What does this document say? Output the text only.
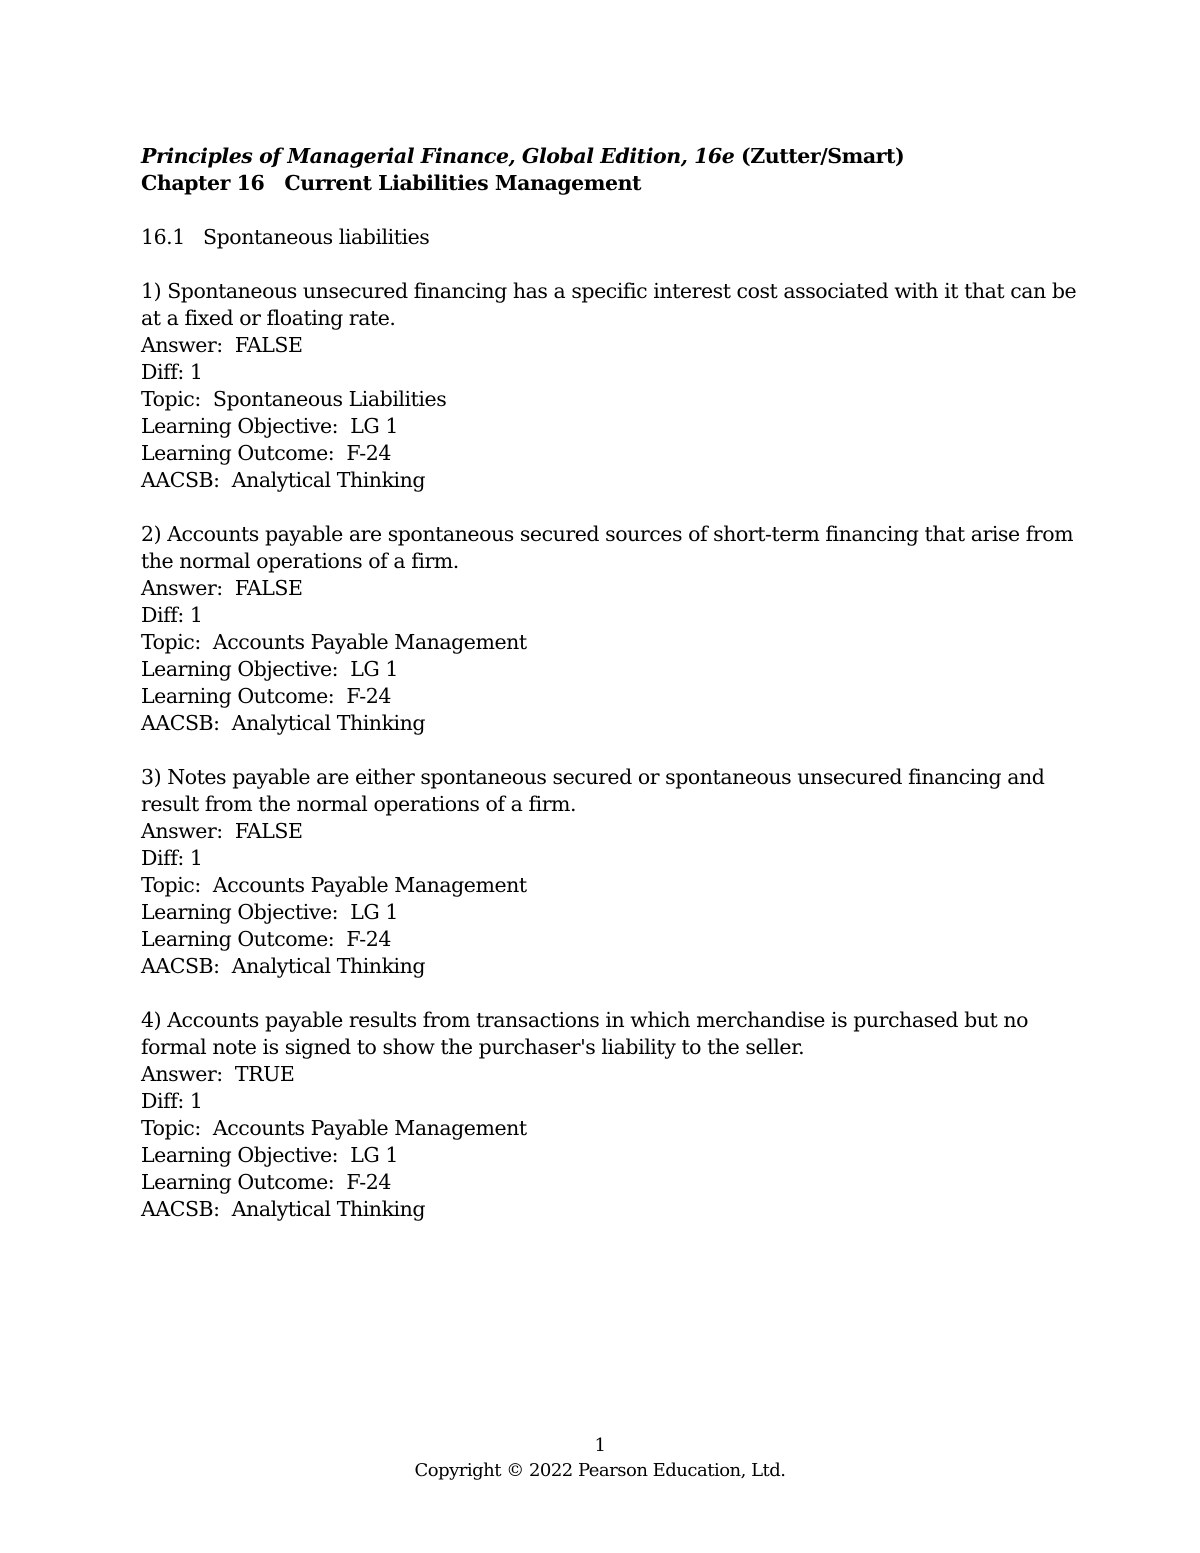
Principles of Managerial Finance, Global Edition, 16e (Zutter/Smart)
Chapter 16   Current Liabilities Management
16.1   Spontaneous liabilities
1) Spontaneous unsecured financing has a specific interest cost associated with it that can be at a fixed or floating rate.
Answer:  FALSE
Diff: 1
Topic:  Spontaneous Liabilities
Learning Objective:  LG 1
Learning Outcome:  F-24
AACSB:  Analytical Thinking
2) Accounts payable are spontaneous secured sources of short-term financing that arise from the normal operations of a firm.
Answer:  FALSE
Diff: 1
Topic:  Accounts Payable Management
Learning Objective:  LG 1
Learning Outcome:  F-24
AACSB:  Analytical Thinking
3) Notes payable are either spontaneous secured or spontaneous unsecured financing and result from the normal operations of a firm.
Answer:  FALSE
Diff: 1
Topic:  Accounts Payable Management
Learning Objective:  LG 1
Learning Outcome:  F-24
AACSB:  Analytical Thinking
4) Accounts payable results from transactions in which merchandise is purchased but no formal note is signed to show the purchaser's liability to the seller.
Answer:  TRUE
Diff: 1
Topic:  Accounts Payable Management
Learning Objective:  LG 1
Learning Outcome:  F-24
AACSB:  Analytical Thinking
1
Copyright © 2022 Pearson Education, Ltd.
